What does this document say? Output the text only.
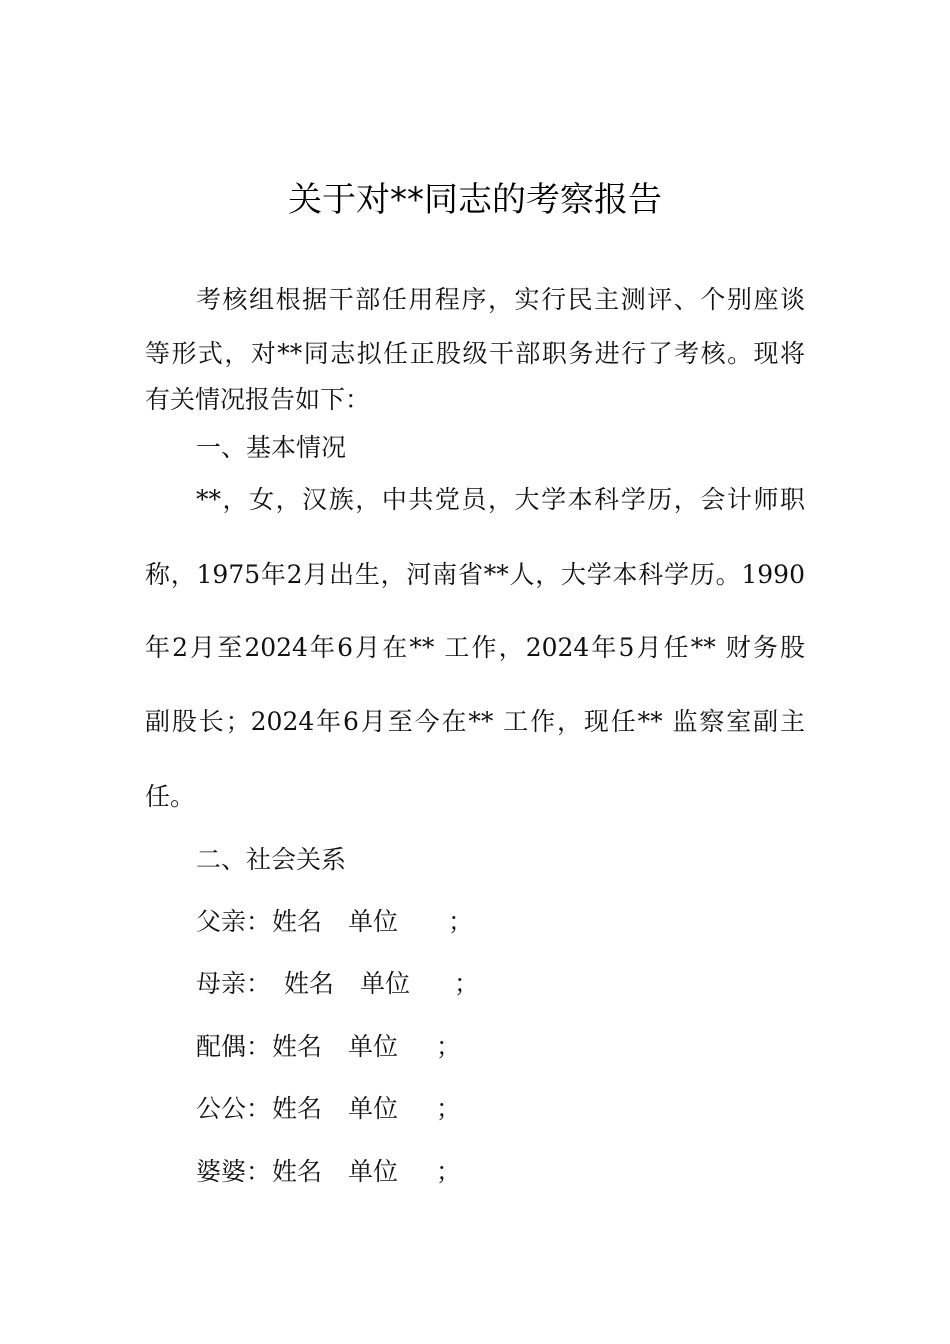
关于对**同志的考察报告
考核组根据干部任用程序，实行民主测评、个别座谈
等形式，对**同志拟任正股级干部职务进行了考核。现将
有关情况报告如下：
一、基本情况
**，女，汉族，中共党员，大学本科学历，会计师职
称，1975年2月出生，河南省**人，大学本科学历。1990
年2月至2024年6月在** 工作，2024年5月任** 财务股
副股长；2024年6月至今在** 工作，现任** 监察室副主
任。
二、社会关系
父亲：姓名 单位 ；
母亲： 姓名 单位 ；
配偶：姓名 单位 ；
公公：姓名 单位 ；
婆婆：姓名 单位 ；
